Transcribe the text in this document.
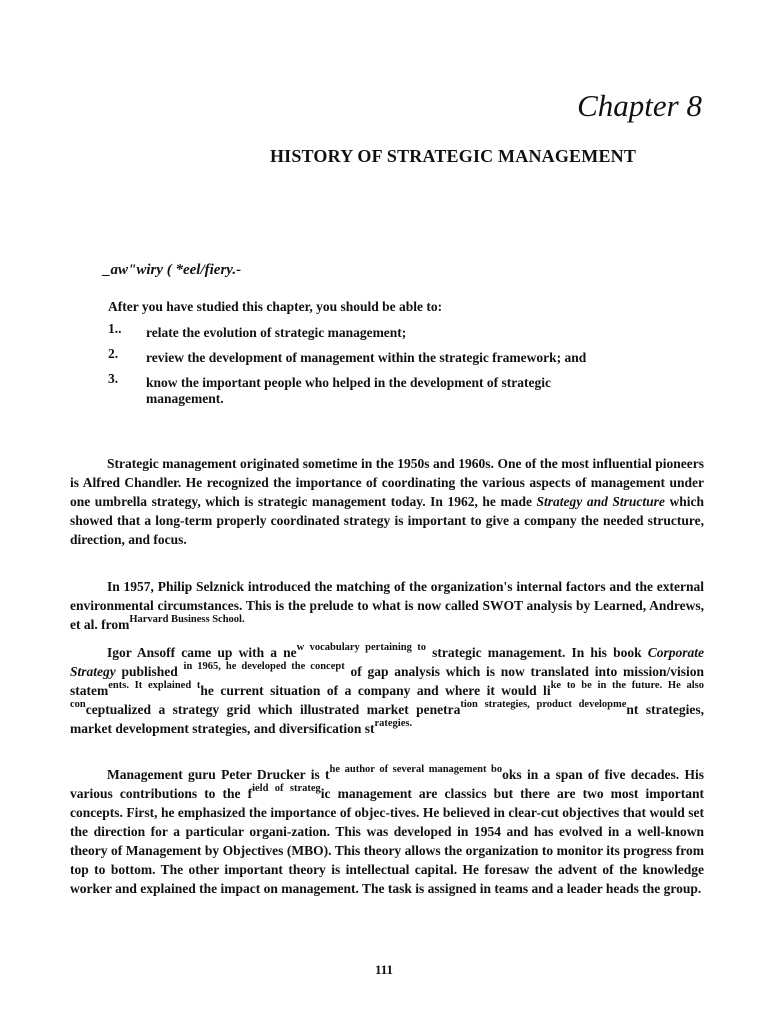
Chapter 8
HISTORY OF STRATEGIC MANAGEMENT
_aw"wiry ( *eel/fiery.-
After you have studied this chapter, you should be able to:
1.. relate the evolution of strategic management;
2. review the development of management within the strategic framework; and
3. know the important people who helped in the development of strategic management.

Strategic management originated sometime in the 1950s and 1960s. One of the most influential pioneers is Alfred Chandler. He recognized the importance of coordinating the various aspects of management under one umbrella strategy, which is strategic management today. In 1962, he made Strategy and Structure which showed that a long-term properly coordinated strategy is important to give a company the needed structure, direction, and focus.

In 1957, Philip Selznick introduced the matching of the organization's internal factors and the external environmental circumstances. This is the prelude to what is now called SWOT analysis by Learned, Andrews, et al. from$^{Harvard Business School.}$

Igor Ansoff came up with a $ne^{w vocabulary pertaining to}$ strategic management. In his book Corporate Strategy published $^{in 1965, he developed the concept}$ of gap analysis which is now translated into mission/vision statem$^{ents. It explained t}$he current situation of a company and where it would $li^{ke to be in the future. He also con}ceptualized$ a strategy grid which illustrated market penetra$^{tion strategies, product developme}$nt strategies, market development strategies, and diversification $st^{rategies.}$

Management guru Peter Drucker is $t^{he author of several management bo}oks$ in a span of five decades. His various contributions to the $f^{ield of strateg}ic$ management are classics but there are two most important concepts. First, he emphasized the importance of objec-tives. He believed in clear-cut objectives that would set the direction for a particular organi-zation. This was developed in 1954 and has evolved in a well-known theory of Management by Objectives (MBO). This theory allows the organization to monitor its progress from top to bottom. The other important theory is intellectual capital. He foresaw the advent of the knowledge worker and explained the impact on management. The task is assigned in teams and a leader heads the group.

111
